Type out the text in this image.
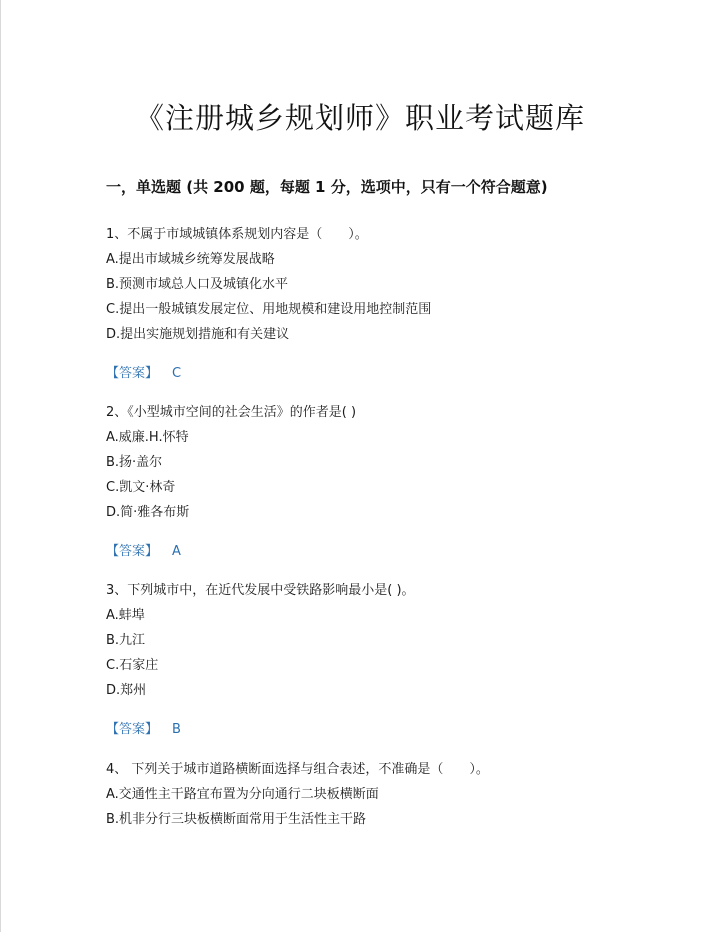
《注册城乡规划师》职业考试题库
一，单选题 (共 200 题，每题 1 分，选项中，只有一个符合题意)
1、不属于市域城镇体系规划内容是（　　）。
A.提出市域城乡统筹发展战略
B.预测市域总人口及城镇化水平
C.提出一般城镇发展定位、用地规模和建设用地控制范围
D.提出实施规划措施和有关建议
【答案】 C
2、《小型城市空间的社会生活》的作者是( )
A.威廉.H.怀特
B.扬·盖尔
C.凯文·林奇
D.简·雅各布斯
【答案】 A
3、下列城市中，在近代发展中受铁路影响最小是( )。
A.蚌埠
B.九江
C.石家庄
D.郑州
【答案】 B
4、 下列关于城市道路横断面选择与组合表述，不准确是（　　）。
A.交通性主干路宜布置为分向通行二块板横断面
B.机非分行三块板横断面常用于生活性主干路
